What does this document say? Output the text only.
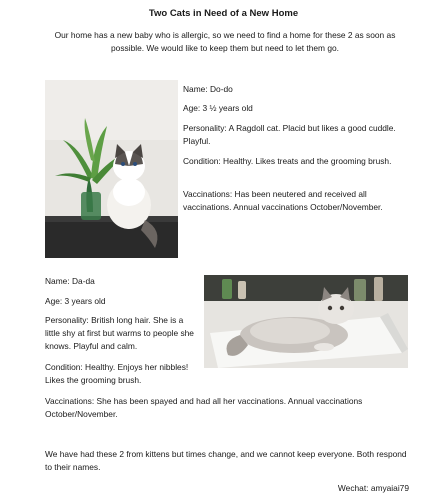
Two Cats in Need of a New Home
Our home has a new baby who is allergic, so we need to find a home for these 2 as soon as possible. We would like to keep them but need to let them go.
Name: Do-do
Age: 3 ½ years old
Personality: A Ragdoll cat. Placid but likes a good cuddle. Playful.
Condition: Healthy. Likes treats and the grooming brush.
Vaccinations: Has been neutered and received all vaccinations. Annual vaccinations October/November.
Name: Da-da
Age: 3 years old
Personality: British long hair. She is a little shy at first but warms to people she knows. Playful and calm.
Condition: Healthy. Enjoys her nibbles! Likes the grooming brush.
Vaccinations: She has been spayed and had all her vaccinations. Annual vaccinations October/November.
We have had these 2 from kittens but times change, and we cannot keep everyone. Both respond to their names.
Wechat: amyaiai79
